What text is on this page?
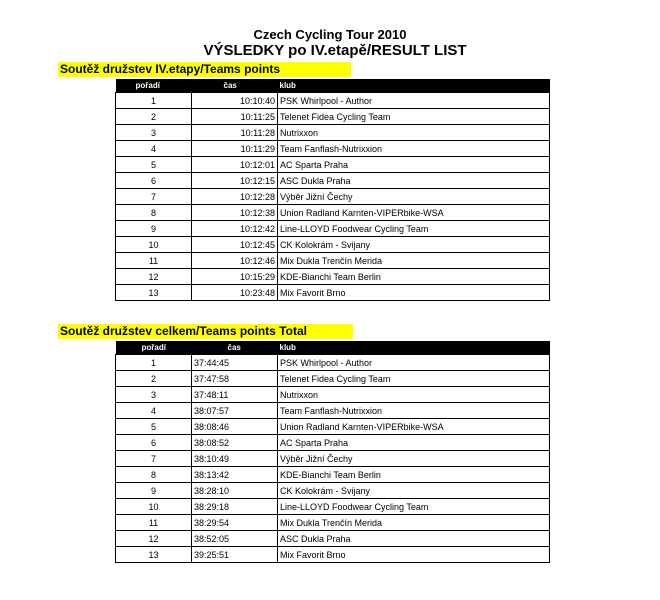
Czech Cycling Tour 2010
VÝSLEDKY po IV.etapě/RESULT LIST
Soutěž družstev IV.etapy/Teams points
pořadí	čas	klub
1	10:10:40	PSK Whirlpool - Author
2	10:11:25	Telenet Fidea Cycling Team
3	10:11:28	Nutrixxon
4	10:11:29	Team Fanflash-Nutrixxion
5	10:12:01	AC Sparta Praha
6	10:12:15	ASC Dukla Praha
7	10:12:28	Výběr Jižní Čechy
8	10:12:38	Union Radland Karnten-VIPERbike-WSA
9	10:12:42	Line-LLOYD Foodwear Cycling Team
10	10:12:45	CK Kolokrám - Svijany
11	10:12:46	Mix Dukla Trenčín Merida
12	10:15:29	KDE-Bianchi Team Berlin
13	10:23:48	Mix Favorit Brno
Soutěž družstev celkem/Teams points Total
pořadí	čas	klub
1	37:44:45	PSK Whirlpool - Author
2	37:47:58	Telenet Fidea Cycling Team
3	37:48:11	Nutrixxon
4	38:07:57	Team Fanflash-Nutrixxion
5	38:08:46	Union Radland Karnten-VIPERbike-WSA
6	38:08:52	AC Sparta Praha
7	38:10:49	Výběr Jižní Čechy
8	38:13:42	KDE-Bianchi Team Berlin
9	38:28:10	CK Kolokrám - Svijany
10	38:29:18	Line-LLOYD Foodwear Cycling Team
11	38:29:54	Mix Dukla Trenčín Merida
12	38:52:05	ASC Dukla Praha
13	39:25:51	Mix Favorit Brno
